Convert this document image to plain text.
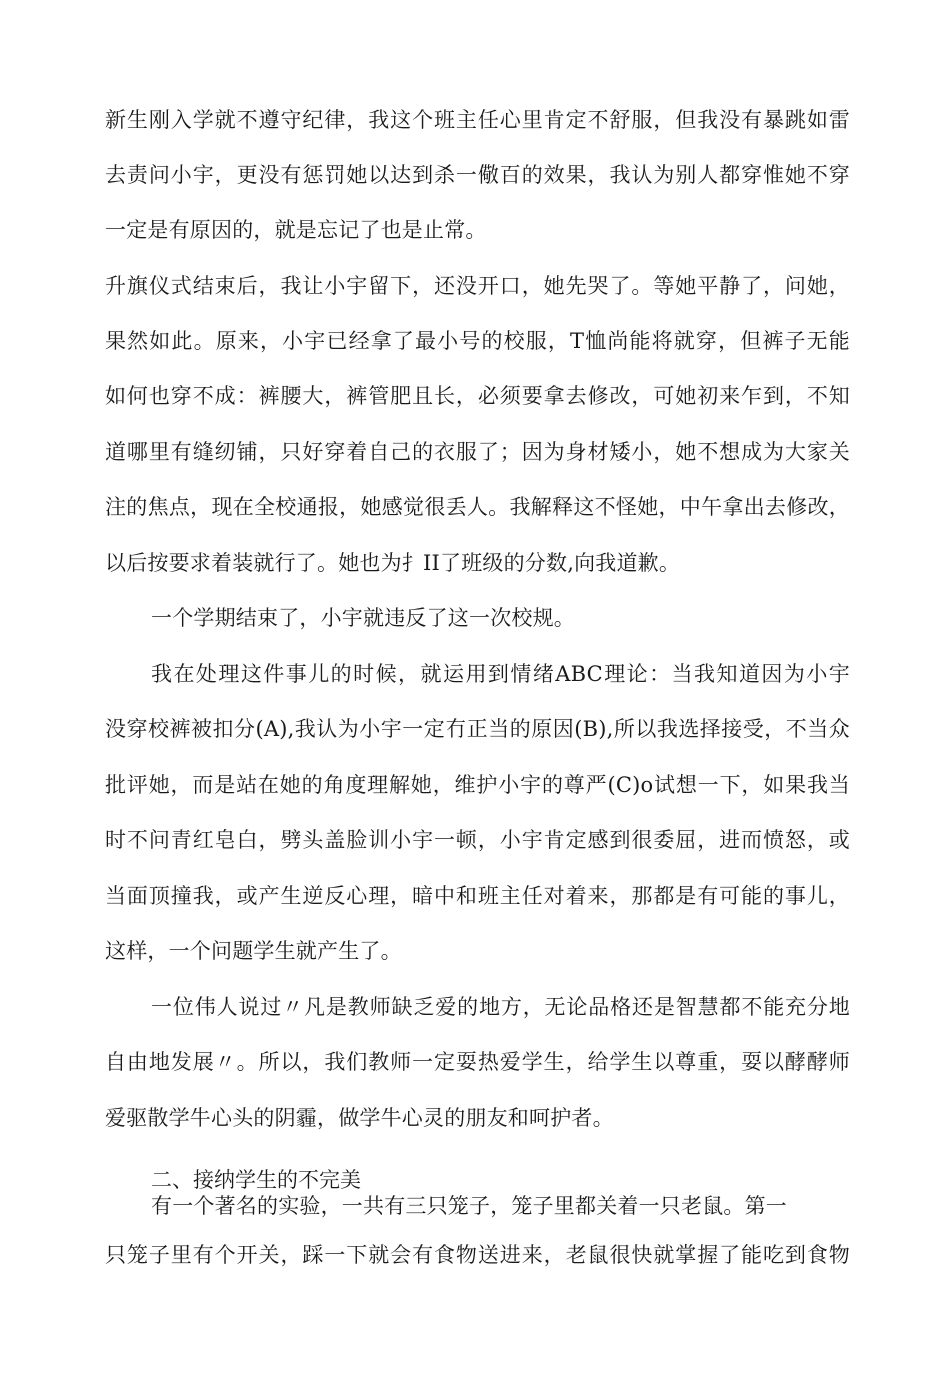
新生刚入学就不遵守纪律，我这个班主任心里肯定不舒服，但我没有暴跳如雷
去责问小宇，更没有惩罚她以达到杀一儆百的效果，我认为别人都穿惟她不穿
一定是有原因的，就是忘记了也是止常。
升旗仪式结束后，我让小宇留下，还没开口，她先哭了。等她平静了，问她，
果然如此。原来，小宇已经拿了最小号的校服，T恤尚能将就穿，但裤子无能
如何也穿不成：裤腰大，裤管肥且长，必须要拿去修改，可她初来乍到，不知
道哪里有缝纫铺，只好穿着自己的衣服了；因为身材矮小，她不想成为大家关
注的焦点，现在全校通报，她感觉很丢人。我解释这不怪她，中午拿出去修改，
以后按要求着装就行了。她也为扌II了班级的分数,向我道歉。
一个学期结束了，小宇就违反了这一次校规。
我在处理这件事儿的时候，就运用到情绪ABC理论：当我知道因为小宇
没穿校裤被扣分(A),我认为小宇一定冇正当的原因(B),所以我选择接受，不当众
批评她，而是站在她的角度理解她，维护小宇的尊严(C)o试想一下，如果我当
时不问青红皂白，劈头盖脸训小宇一顿，小宇肯定感到很委屈，进而愤怒，或
当面顶撞我，或产生逆反心理，暗中和班主任对着来，那都是有可能的事儿，
这样，一个问题学生就产生了。
一位伟人说过〃凡是教师缺乏爱的地方，无论品格还是智慧都不能充分地
自由地发展〃。所以，我们教师一定耍热爱学生，给学生以尊重，耍以酵酵师
爱驱散学牛心头的阴霾，做学牛心灵的朋友和呵护者。
二、接纳学生的不完美
有一个著名的实验，一共有三只笼子，笼子里都关着一只老鼠。第一
只笼子里有个开关，踩一下就会有食物送进来，老鼠很快就掌握了能吃到食物
